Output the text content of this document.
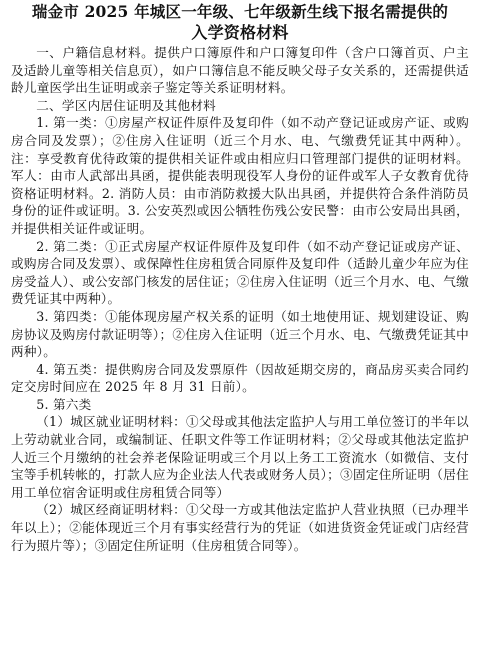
瑞金市 2025 年城区一年级、七年级新生线下报名需提供的
入学资格材料

一、户籍信息材料。提供户口簿原件和户口簿复印件（含户口簿首页、户主及适龄儿童等相关信息页），如户口簿信息不能反映父母子女关系的，还需提供适龄儿童医学出生证明或亲子鉴定等关系证明材料。

二、学区内居住证明及其他材料

1. 第一类：①房屋产权证件原件及复印件（如不动产登记证或房产证、或购房合同及发票）；②住房入住证明（近三个月水、电、气缴费凭证其中两种）。注：享受教育优待政策的提供相关证件或由相应归口管理部门提供的证明材料。军人：由市人武部出具函，提供能表明现役军人身份的证件或军人子女教育优待资格证明材料。2. 消防人员：由市消防救援大队出具函，并提供符合条件消防员身份的证件或证明。3. 公安英烈或因公牺牲伤残公安民警：由市公安局出具函，并提供相关证件或证明。

2. 第二类：①正式房屋产权证件原件及复印件（如不动产登记证或房产证、或购房合同及发票）、或保障性住房租赁合同原件及复印件（适龄儿童少年应为住房受益人）、或公安部门核发的居住证；②住房入住证明（近三个月水、电、气缴费凭证其中两种）。

3. 第四类：①能体现房屋产权关系的证明（如土地使用证、规划建设证、购房协议及购房付款证明等）；②住房入住证明（近三个月水、电、气缴费凭证其中两种）。

4. 第五类：提供购房合同及发票原件（因故延期交房的，商品房买卖合同约定交房时间应在 2025 年 8 月 31 日前）。

5. 第六类

（1）城区就业证明材料：①父母或其他法定监护人与用工单位签订的半年以上劳动就业合同，或编制证、任职文件等工作证明材料；②父母或其他法定监护人近三个月缴纳的社会养老保险证明或三个月以上务工工资流水（如微信、支付宝等手机转帐的，打款人应为企业法人代表或财务人员）；③固定住所证明（居住用工单位宿舍证明或住房租赁合同等）

（2）城区经商证明材料：①父母一方或其他法定监护人营业执照（已办理半年以上）；②能体现近三个月有事实经营行为的凭证（如进货资金凭证或门店经营行为照片等）；③固定住所证明（住房租赁合同等）。
